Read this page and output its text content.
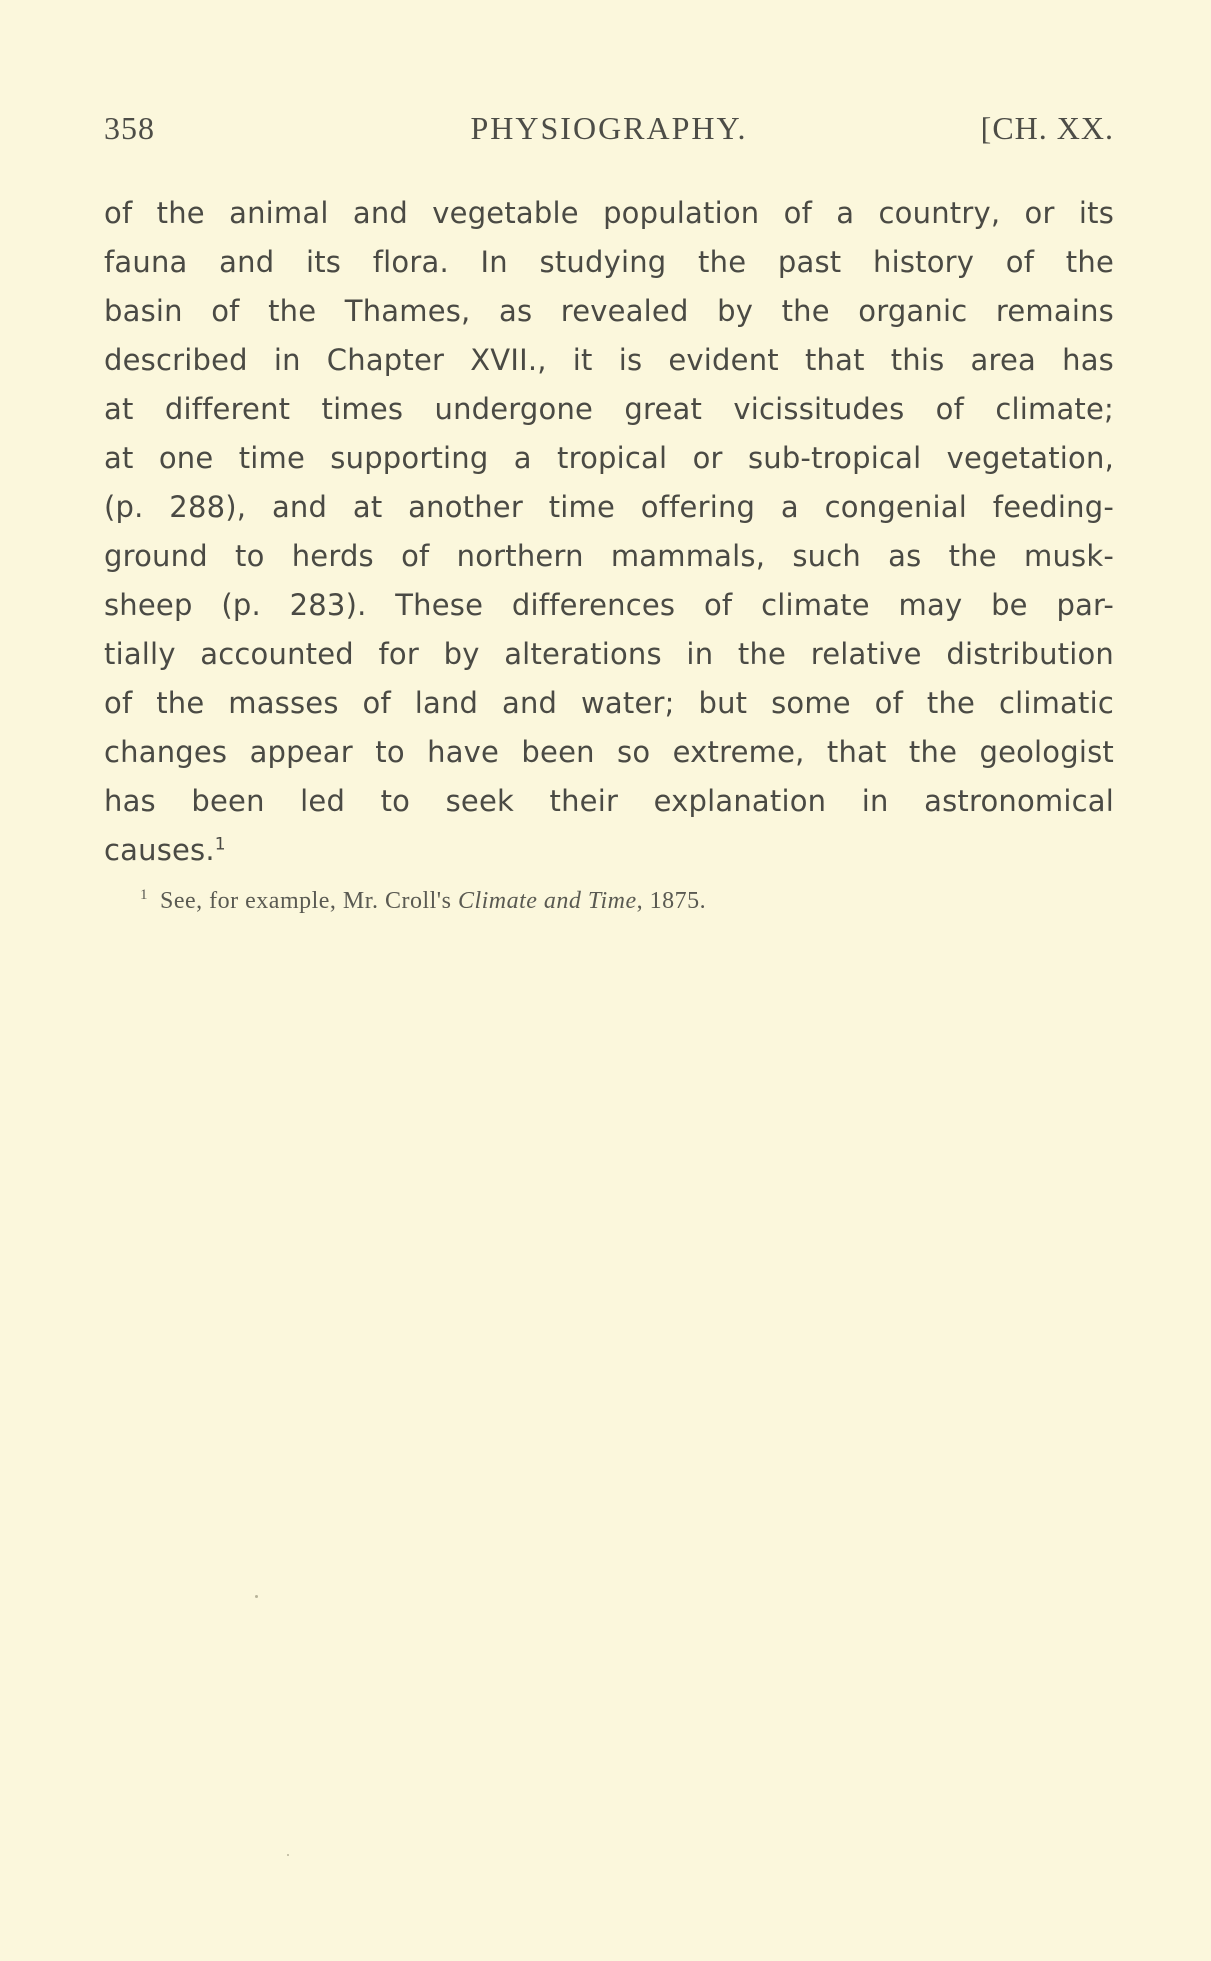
358	PHYSIOGRAPHY.	[CH. XX.
of the animal and vegetable population of a country, or its
fauna and its flora. In studying the past history of the
basin of the Thames, as revealed by the organic remains
described in Chapter XVII., it is evident that this area has
at different times undergone great vicissitudes of climate;
at one time supporting a tropical or sub-tropical vegetation,
(p. 288), and at another time offering a congenial feeding-
ground to herds of northern mammals, such as the musk-
sheep (p. 283). These differences of climate may be par-
tially accounted for by alterations in the relative distribution
of the masses of land and water; but some of the climatic
changes appear to have been so extreme, that the geologist
has been led to seek their explanation in astronomical
causes.$^1$
$^1$ See, for example, Mr. Croll's Climate and Time, 1875.
